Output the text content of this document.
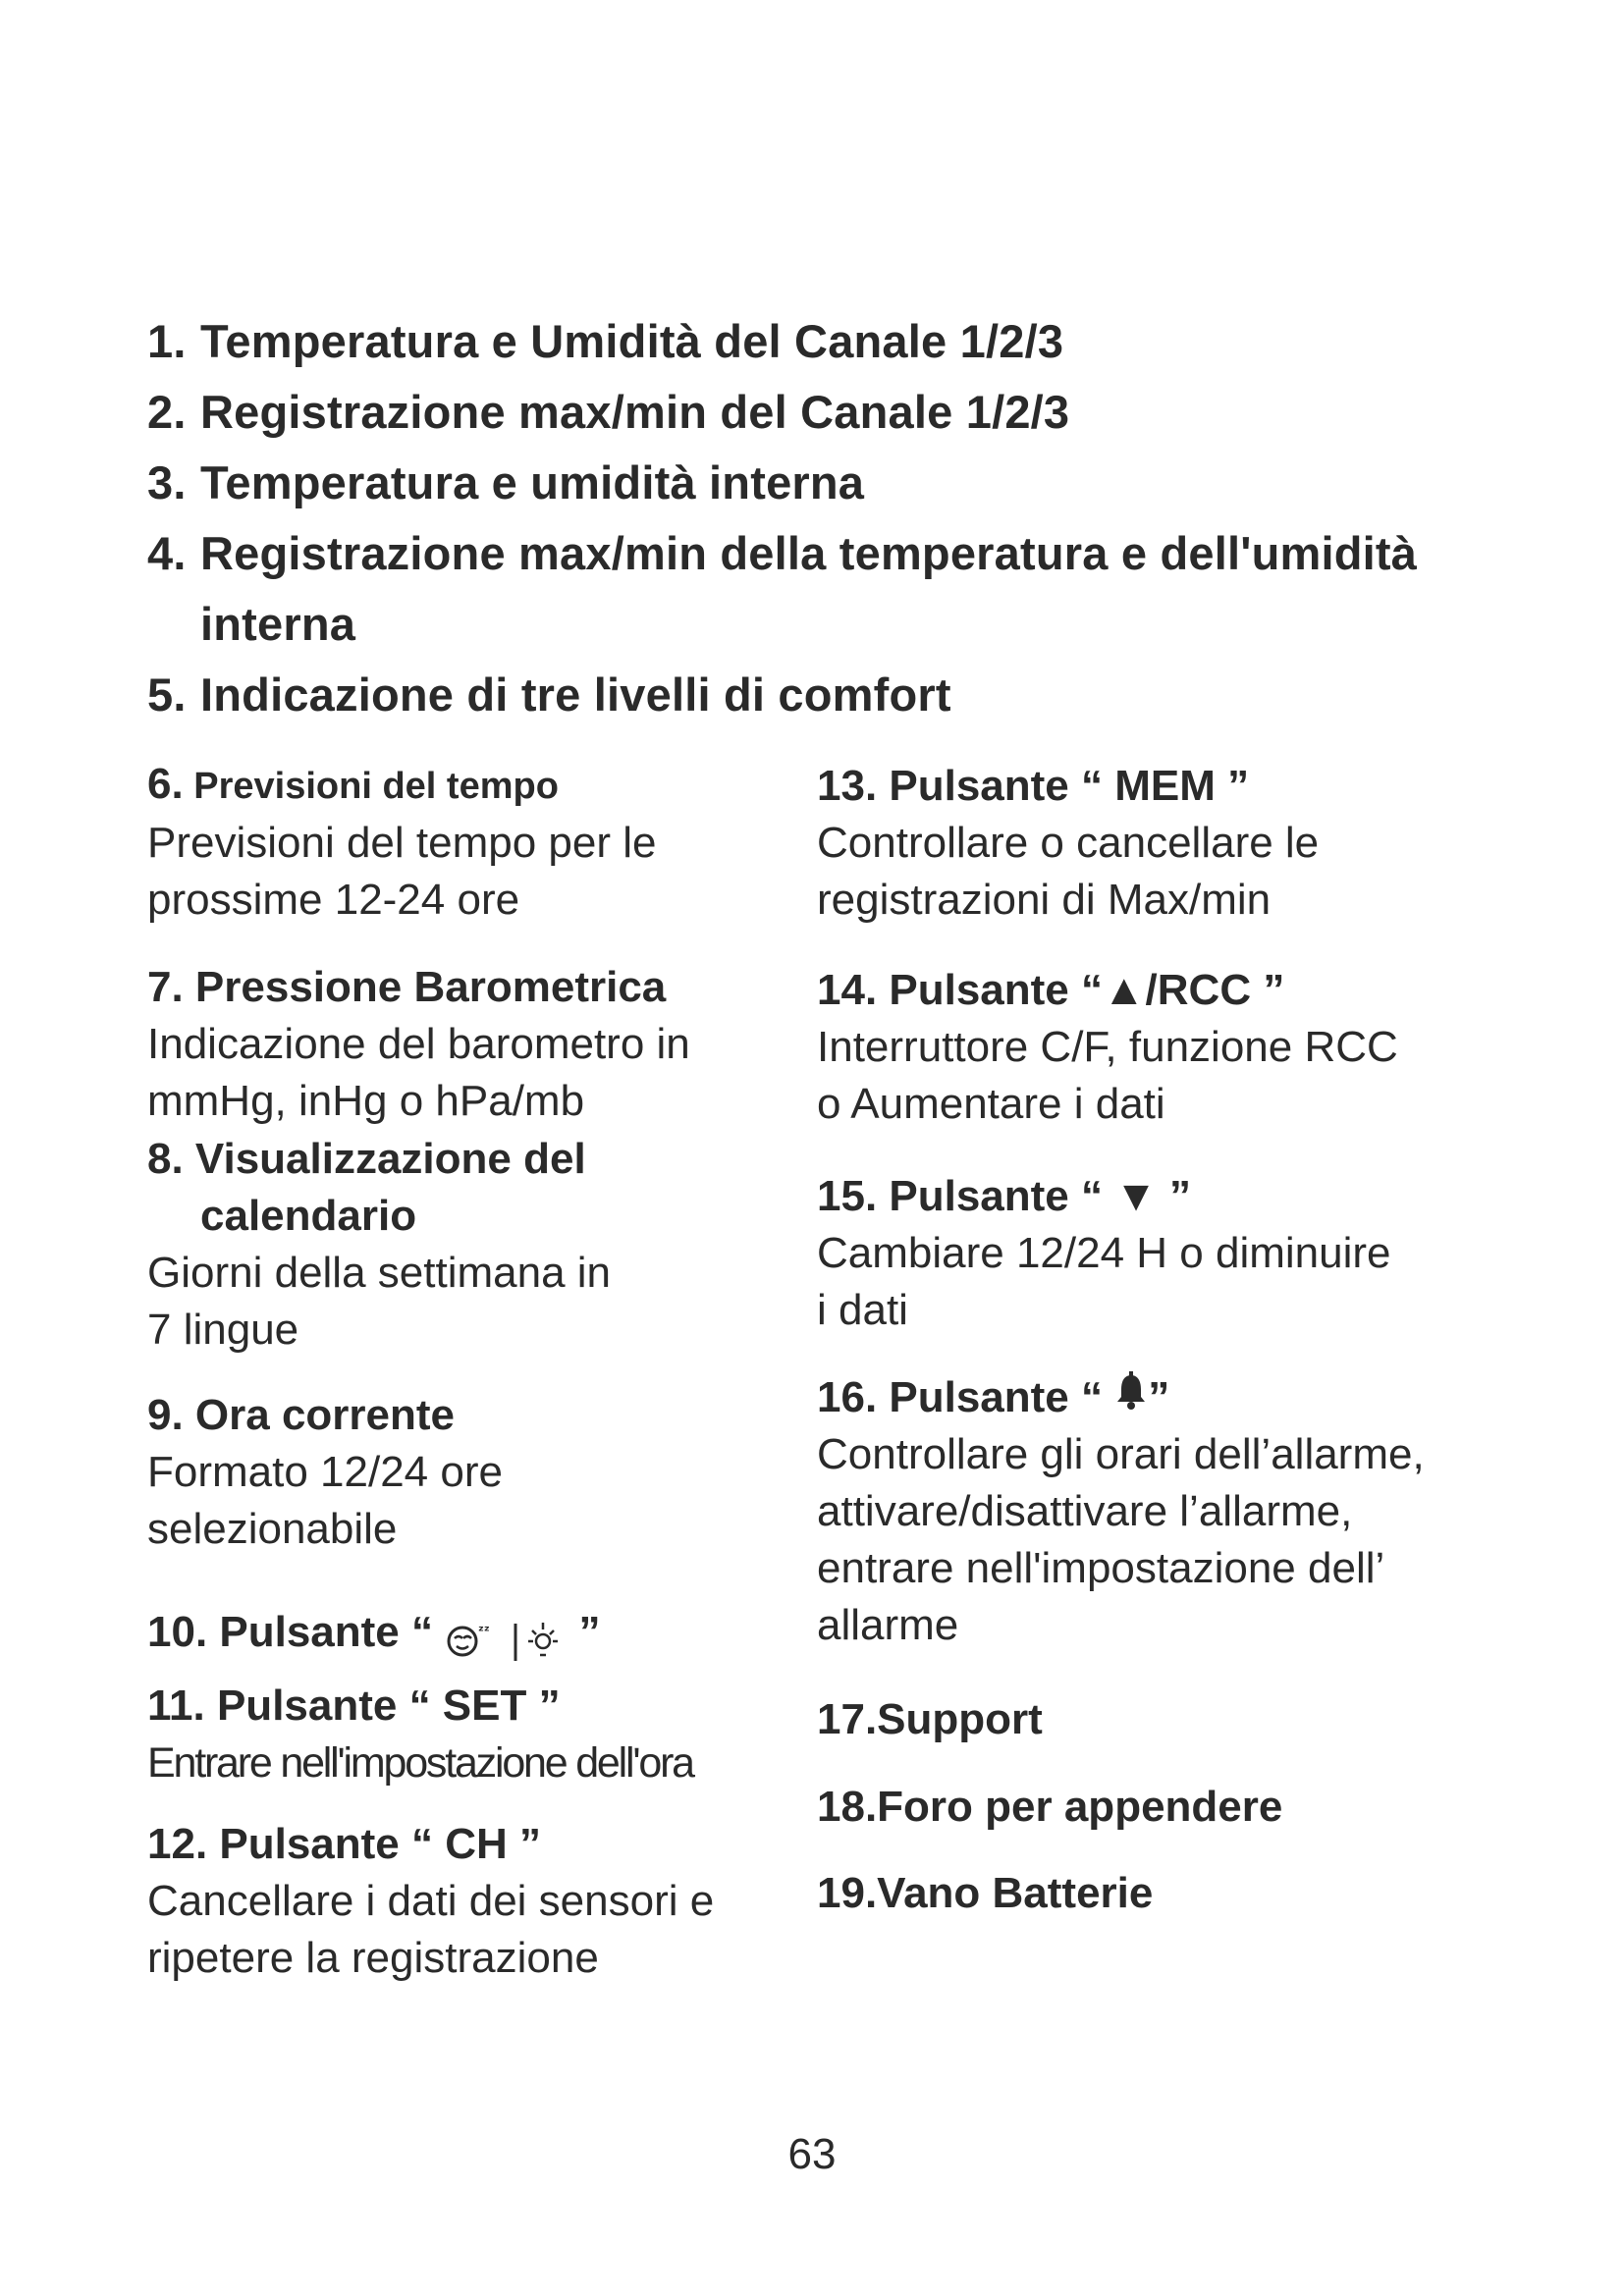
1. Temperatura e Umidità del Canale 1/2/3
2. Registrazione max/min del Canale 1/2/3
3. Temperatura e umidità interna
4. Registrazione max/min della temperatura e dell'umidità
interna
5. Indicazione di tre livelli di comfort
6. Previsioni del tempo
Previsioni del tempo per le
prossime 12-24 ore
7. Pressione Barometrica
Indicazione del barometro in
mmHg, inHg o hPa/mb
8. Visualizzazione del
calendario
Giorni della settimana in
7 lingue
9. Ora corrente
Formato 12/24 ore
selezionabile
10. Pulsante “	ᶻᶻ ”
11. Pulsante “ SET ”
Entrare nell'impostazione dell'ora
12. Pulsante “ CH ”
Cancellare i dati dei sensori e
ripetere la registrazione
13. Pulsante “ MEM ”
Controllare o cancellare le
registrazioni di Max/min
14. Pulsante “▲/RCC ”
Interruttore C/F, funzione RCC
o Aumentare i dati
15. Pulsante “ ▼ ”
Cambiare 12/24 H o diminuire
i dati
16. Pulsante “ ”
Controllare gli orari dell’allarme,
attivare/disattivare l’allarme,
entrare nell'impostazione dell’
allarme
17.Support
18.Foro per appendere
19.Vano Batterie
63
